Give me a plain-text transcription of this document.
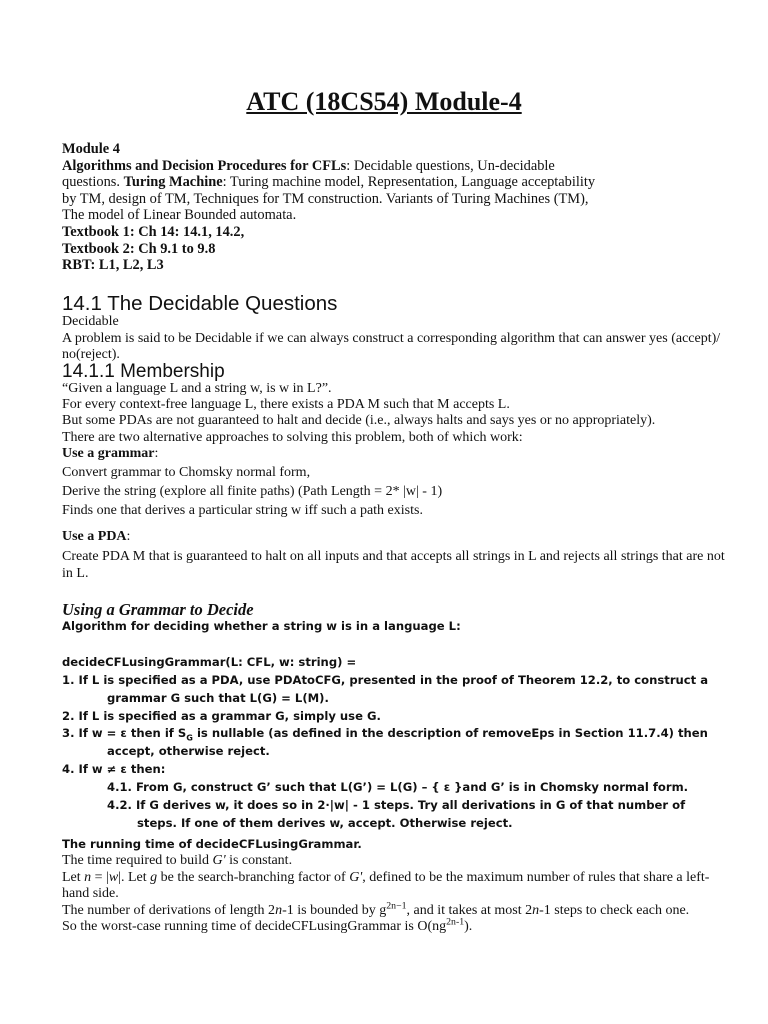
ATC (18CS54) Module-4

Module 4

Algorithms and Decision Procedures for CFLs: Decidable questions, Un-decidable

questions. Turing Machine: Turing machine model, Representation, Language acceptability

by TM, design of TM, Techniques for TM construction. Variants of Turing Machines (TM),

The model of Linear Bounded automata.

Textbook 1: Ch 14: 14.1, 14.2,

Textbook 2: Ch 9.1 to 9.8

RBT: L1, L2, L3

14.1 The Decidable Questions

Decidable

A problem is said to be Decidable if we can always construct a corresponding algorithm that can answer yes (accept)/

no(reject).

14.1.1 Membership

“Given a language L and a string w, is w in L?”.

For every context-free language L, there exists a PDA M such that M accepts L.

But some PDAs are not guaranteed to halt and decide (i.e., always halts and says yes or no appropriately).

There are two alternative approaches to solving this problem, both of which work:

Use a grammar:

Convert grammar to Chomsky normal form,

Derive the string (explore all finite paths) (Path Length = 2* |w| - 1)

Finds one that derives a particular string w iff such a path exists.

Use a PDA:

Create PDA M that is guaranteed to halt on all inputs and that accepts all strings in L and rejects all strings that are not

in L.

Using a Grammar to Decide

Algorithm for deciding whether a string w is in a language L:

decideCFLusingGrammar(L: CFL, w: string) =

1. If L is specified as a PDA, use PDAtoCFG, presented in the proof of Theorem 12.2, to construct a

grammar G such that L(G) = L(M).

2. If L is specified as a grammar G, simply use G.

3. If w = ε then if $S_G$ is nullable (as defined in the description of removeEps in Section 11.7.4) then

accept, otherwise reject.

4. If w ≠ ε then:

4.1. From G, construct G’ such that L(G’) = L(G) – { ε }and G’ is in Chomsky normal form.

4.2. If G derives w, it does so in 2·|w| - 1 steps. Try all derivations in G of that number of

steps. If one of them derives w, accept. Otherwise reject.

The running time of decideCFLusingGrammar.

The time required to build G' is constant.

Let n = |w|. Let g be the search-branching factor of G', defined to be the maximum number of rules that share a left-

hand side.

The number of derivations of length 2n-1 is bounded by $g^{2n-1}$, and it takes at most 2n-1 steps to check each one.

So the worst-case running time of decideCFLusingGrammar is $O(ng^{2n-1})$.
